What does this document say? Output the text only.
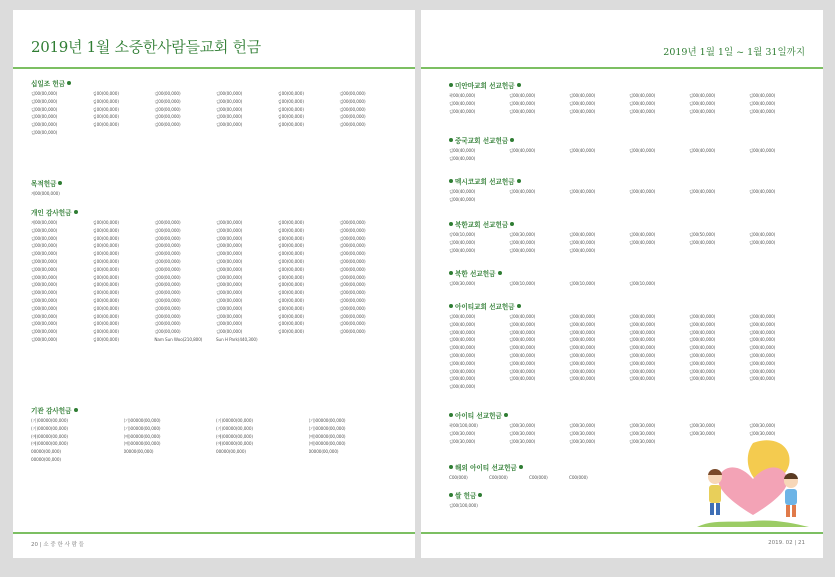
2019년 1월 소중한사람들교회 헌금
십일조 헌금
김00(00,000)	김00(00,000)	김00(00,000)	김00(00,000)	김00(00,000)	김00(00,000)
김00(00,000)	김00(00,000)	김00(00,000)	김00(00,000)	김00(00,000)	김00(00,000)
김00(00,000)	김00(00,000)	김00(00,000)	김00(00,000)	김00(00,000)	김00(00,000)
김00(00,000)	김00(00,000)	김00(00,000)	김00(00,000)	김00(00,000)	김00(00,000)
김00(00,000)	김00(00,000)	김00(00,000)	김00(00,000)	김00(00,000)	김00(00,000)
김00(00,000)
목적헌금
계00(000,000)
개인 감사헌금
계00(00,000)	김00(00,000)	김00(00,000)	김00(00,000)	김00(00,000)	김00(00,000)
김00(00,000)	김00(00,000)	김00(00,000)	김00(00,000)	김00(00,000)	김00(00,000)
김00(00,000)	김00(00,000)	김00(00,000)	김00(00,000)	김00(00,000)	김00(00,000)
김00(00,000)	김00(00,000)	김00(00,000)	김00(00,000)	김00(00,000)	김00(00,000)
김00(00,000)	김00(00,000)	김00(00,000)	김00(00,000)	김00(00,000)	김00(00,000)
김00(00,000)	김00(00,000)	김00(00,000)	김00(00,000)	김00(00,000)	김00(00,000)
김00(00,000)	김00(00,000)	김00(00,000)	김00(00,000)	김00(00,000)	김00(00,000)
김00(00,000)	김00(00,000)	김00(00,000)	김00(00,000)	김00(00,000)	김00(00,000)
김00(00,000)	김00(00,000)	김00(00,000)	김00(00,000)	김00(00,000)	김00(00,000)
김00(00,000)	김00(00,000)	김00(00,000)	김00(00,000)	김00(00,000)	김00(00,000)
김00(00,000)	김00(00,000)	김00(00,000)	김00(00,000)	김00(00,000)	김00(00,000)
김00(00,000)	김00(00,000)	김00(00,000)	김00(00,000)	김00(00,000)	김00(00,000)
김00(00,000)	김00(00,000)	김00(00,000)	김00(00,000)	김00(00,000)	김00(00,000)
김00(00,000)	김00(00,000)	김00(00,000)	김00(00,000)	김00(00,000)	김00(00,000)
김00(00,000)	김00(00,000)	김00(00,000)	김00(00,000)	김00(00,000)	김00(00,000)
김00(00,000)	김00(00,000)	Nam Sun Woo(210,800)	Sun H Park(440,300)
기관 감사헌금
(기)00000(00,000)	(기)00000(00,000)	(기)00000(00,000)	(기)00000(00,000)
(기)00000(00,000)	(기)00000(00,000)	(기)00000(00,000)	(기)00000(00,000)
(예)00000(00,000)	(예)00000(00,000)	(예)00000(00,000)	(예)00000(00,000)
(예)00000(00,000)	(예)00000(00,000)	(예)00000(00,000)	(예)00000(00,000)
00000(00,000)	00000(00,000)	00000(00,000)	00000(00,000)
00000(00,000)
20 | 소 중 한 사 람 들
2019년 1월 1일 ~ 1월 31일까지
미안마교회 선교헌금
곽00(40,000)	김00(40,000)	김00(40,000)	김00(40,000)	김00(40,000)	김00(40,000)
김00(40,000)	김00(40,000)	김00(40,000)	김00(40,000)	김00(40,000)	김00(40,000)
김00(40,000)	김00(40,000)	김00(40,000)	김00(40,000)	김00(40,000)	김00(40,000)
중국교회 선교헌금
김00(40,000)	김00(40,000)	김00(40,000)	김00(40,000)	김00(40,000)	김00(40,000)
김00(40,000)
멕시코교회 선교헌금
김00(40,000)	김00(40,000)	김00(40,000)	김00(40,000)	김00(40,000)	김00(40,000)
김00(40,000)
북한교회 선교헌금
강00(10,000)	김00(30,000)	김00(40,000)	김00(40,000)	김00(50,000)	김00(40,000)
김00(40,000)	김00(40,000)	김00(40,000)	김00(40,000)	김00(40,000)	김00(40,000)
김00(40,000)	김00(40,000)	김00(40,000)
북한 선교헌금
김00(30,000)	김00(10,000)	김00(10,000)	김00(10,000)
아이티교회 선교헌금
김00(40,000)	김00(40,000)	김00(40,000)	김00(40,000)	김00(40,000)	김00(40,000)
김00(40,000)	김00(40,000)	김00(40,000)	김00(40,000)	김00(40,000)	김00(40,000)
김00(40,000)	김00(40,000)	김00(40,000)	김00(40,000)	김00(40,000)	김00(40,000)
김00(40,000)	김00(40,000)	김00(40,000)	김00(40,000)	김00(40,000)	김00(40,000)
김00(40,000)	김00(40,000)	김00(40,000)	김00(40,000)	김00(40,000)	김00(40,000)
김00(40,000)	김00(40,000)	김00(40,000)	김00(40,000)	김00(40,000)	김00(40,000)
김00(40,000)	김00(40,000)	김00(40,000)	김00(40,000)	김00(40,000)	김00(40,000)
김00(40,000)	김00(40,000)	김00(40,000)	김00(40,000)	김00(40,000)	김00(40,000)
김00(40,000)	김00(40,000)	김00(40,000)	김00(40,000)	김00(40,000)	김00(40,000)
김00(40,000)
아이티 선교헌금
곽00(100,000)	김00(30,000)	김00(30,000)	김00(30,000)	김00(30,000)	김00(30,000)
김00(30,000)	김00(30,000)	김00(30,000)	김00(30,000)	김00(30,000)	김00(30,000)
김00(30,000)	김00(30,000)	김00(30,000)	김00(30,000)
해외 아이티 선교헌금
C00(000)	C00(000)	C00(000)	C00(000)
쌀 헌금
김00(100,000)
2019. 02 | 21
